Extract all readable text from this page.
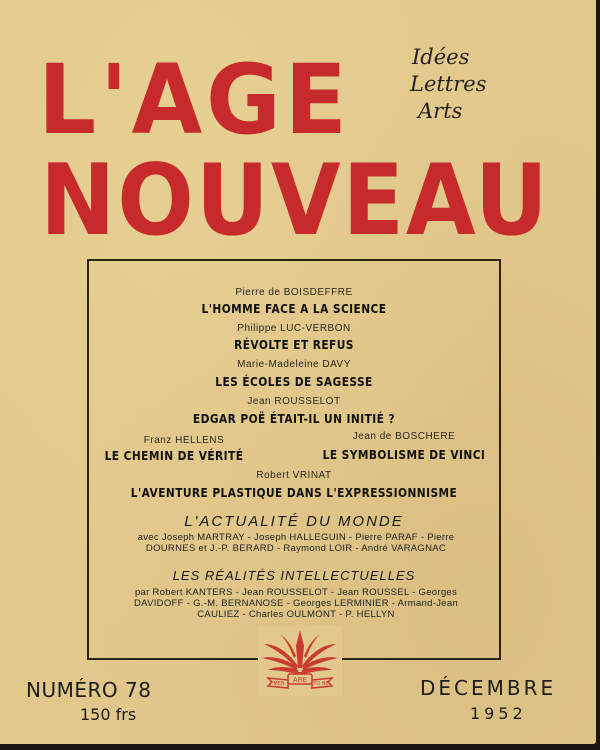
L'AGE
NOUVEAU
Idées
Lettres
Arts
Pierre de BOISDEFFRE
L'HOMME FACE A LA SCIENCE
Philippe LUC-VERBON
RÉVOLTE ET REFUS
Marie-Madeleine DAVY
LES ÉCOLES DE SAGESSE
Jean ROUSSELOT
EDGAR POË ÉTAIT-IL UN INITIÉ ?
Franz HELLENS
LE CHEMIN DE VÉRITÉ
Jean de BOSCHERE
LE SYMBOLISME DE VINCI
Robert VRINAT
L'AVENTURE PLASTIQUE DANS L'EXPRESSIONNISME
L'ACTUALITÉ DU MONDE
avec Joseph MARTRAY - Joseph HALLEGUIN - Pierre PARAF - Pierre
DOURNES et J.-P. BERARD - Raymond LOIR - André VARAGNAC
LES RÉALITÉS INTELLECTUELLES
par Robert KANTERS - Jean ROUSSELOT - Jean ROUSSEL - Georges
DAVIDOFF - G.-M. BERNANOSE - Georges LERMINIER - Armand-Jean
CAULIEZ - Charles OULMONT - P. HELLYN
ARE
MEN	TO BE
NUMÉRO 78
150 frs
DÉCEMBRE
1952
